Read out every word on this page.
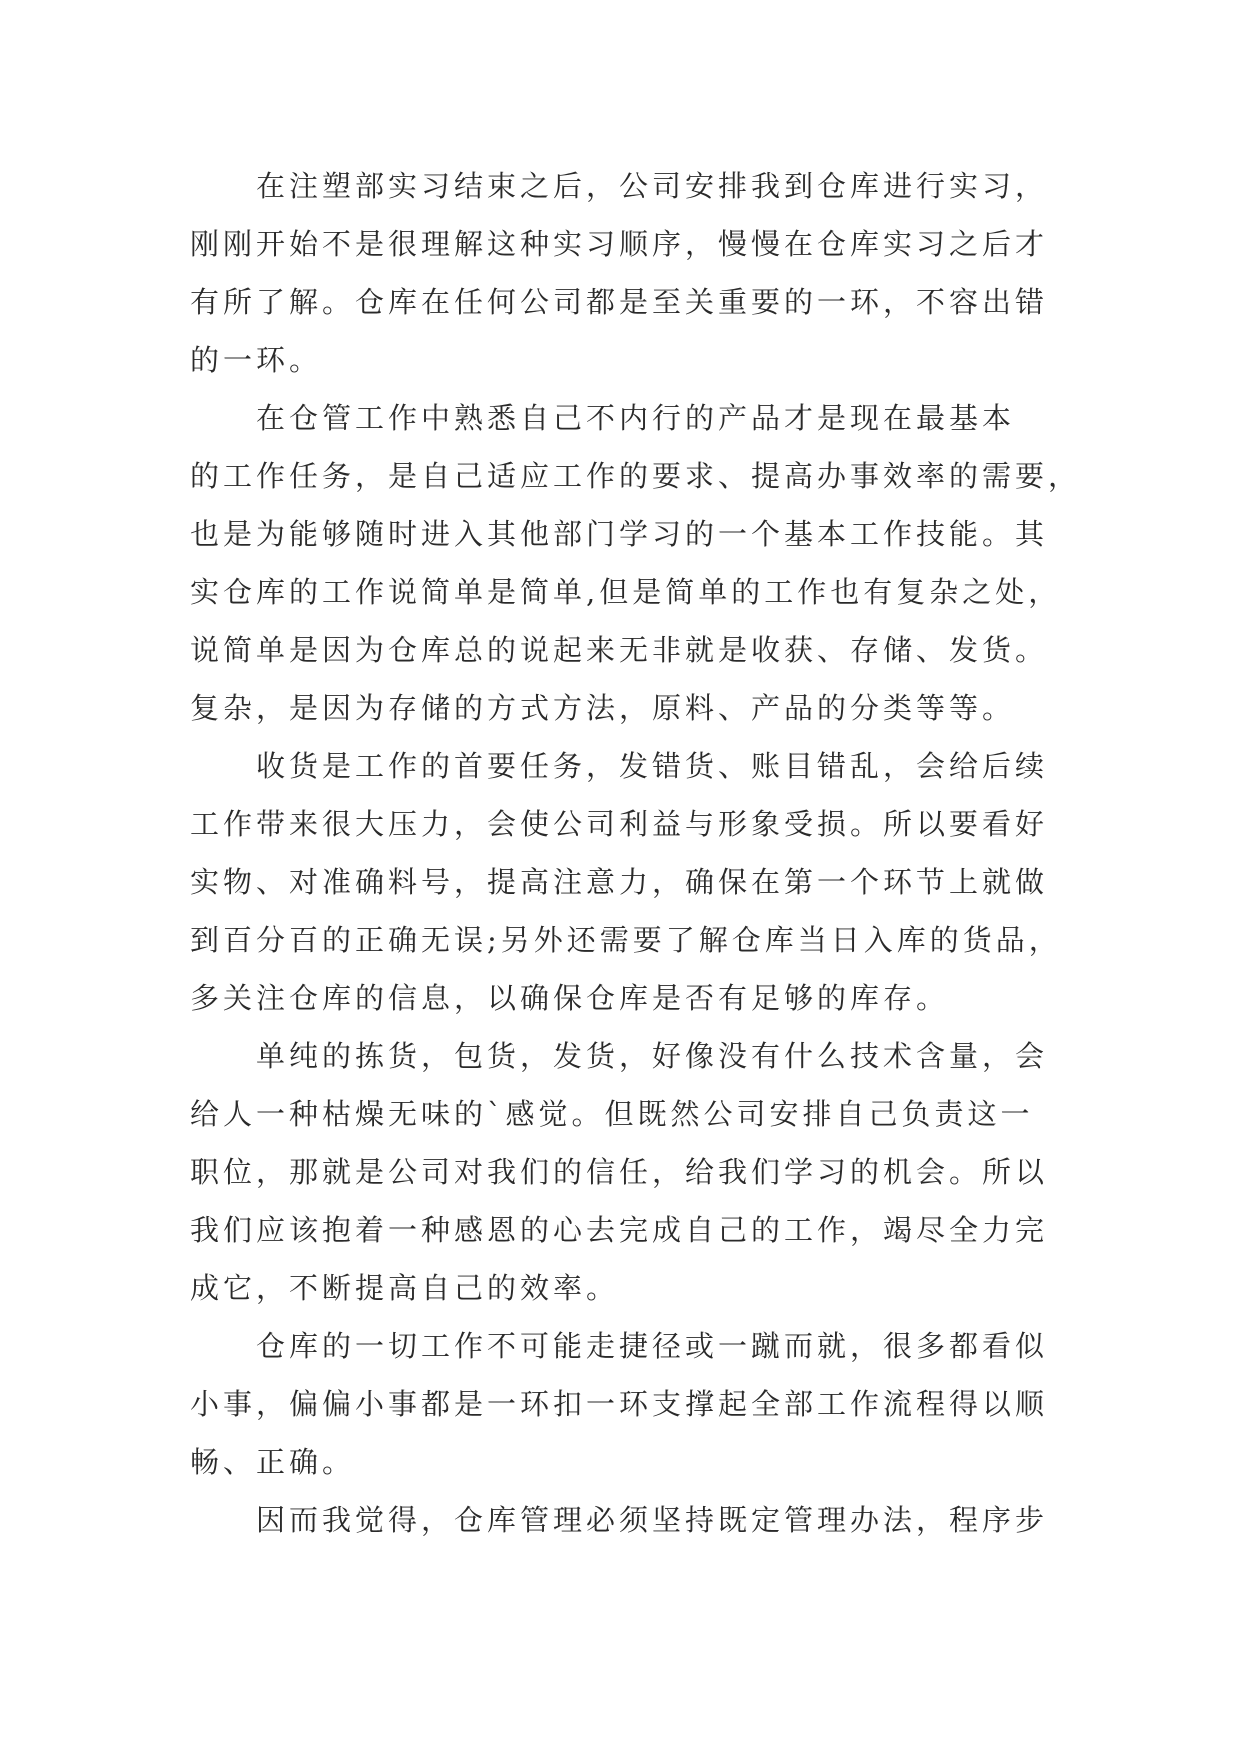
在注塑部实习结束之后，公司安排我到仓库进行实习，
刚刚开始不是很理解这种实习顺序，慢慢在仓库实习之后才
有所了解。仓库在任何公司都是至关重要的一环，不容出错
的一环。
在仓管工作中熟悉自己不内行的产品才是现在最基本
的工作任务，是自己适应工作的要求、提高办事效率的需要，
也是为能够随时进入其他部门学习的一个基本工作技能。其
实仓库的工作说简单是简单,但是简单的工作也有复杂之处，
说简单是因为仓库总的说起来无非就是收获、存储、发货。
复杂，是因为存储的方式方法，原料、产品的分类等等。
收货是工作的首要任务，发错货、账目错乱，会给后续
工作带来很大压力，会使公司利益与形象受损。所以要看好
实物、对准确料号，提高注意力，确保在第一个环节上就做
到百分百的正确无误;另外还需要了解仓库当日入库的货品，
多关注仓库的信息，以确保仓库是否有足够的库存。
单纯的拣货，包货，发货，好像没有什么技术含量，会
给人一种枯燥无味的`感觉。但既然公司安排自己负责这一
职位，那就是公司对我们的信任，给我们学习的机会。所以
我们应该抱着一种感恩的心去完成自己的工作，竭尽全力完
成它，不断提高自己的效率。
仓库的一切工作不可能走捷径或一蹴而就，很多都看似
小事，偏偏小事都是一环扣一环支撑起全部工作流程得以顺
畅、正确。
因而我觉得，仓库管理必须坚持既定管理办法，程序步
